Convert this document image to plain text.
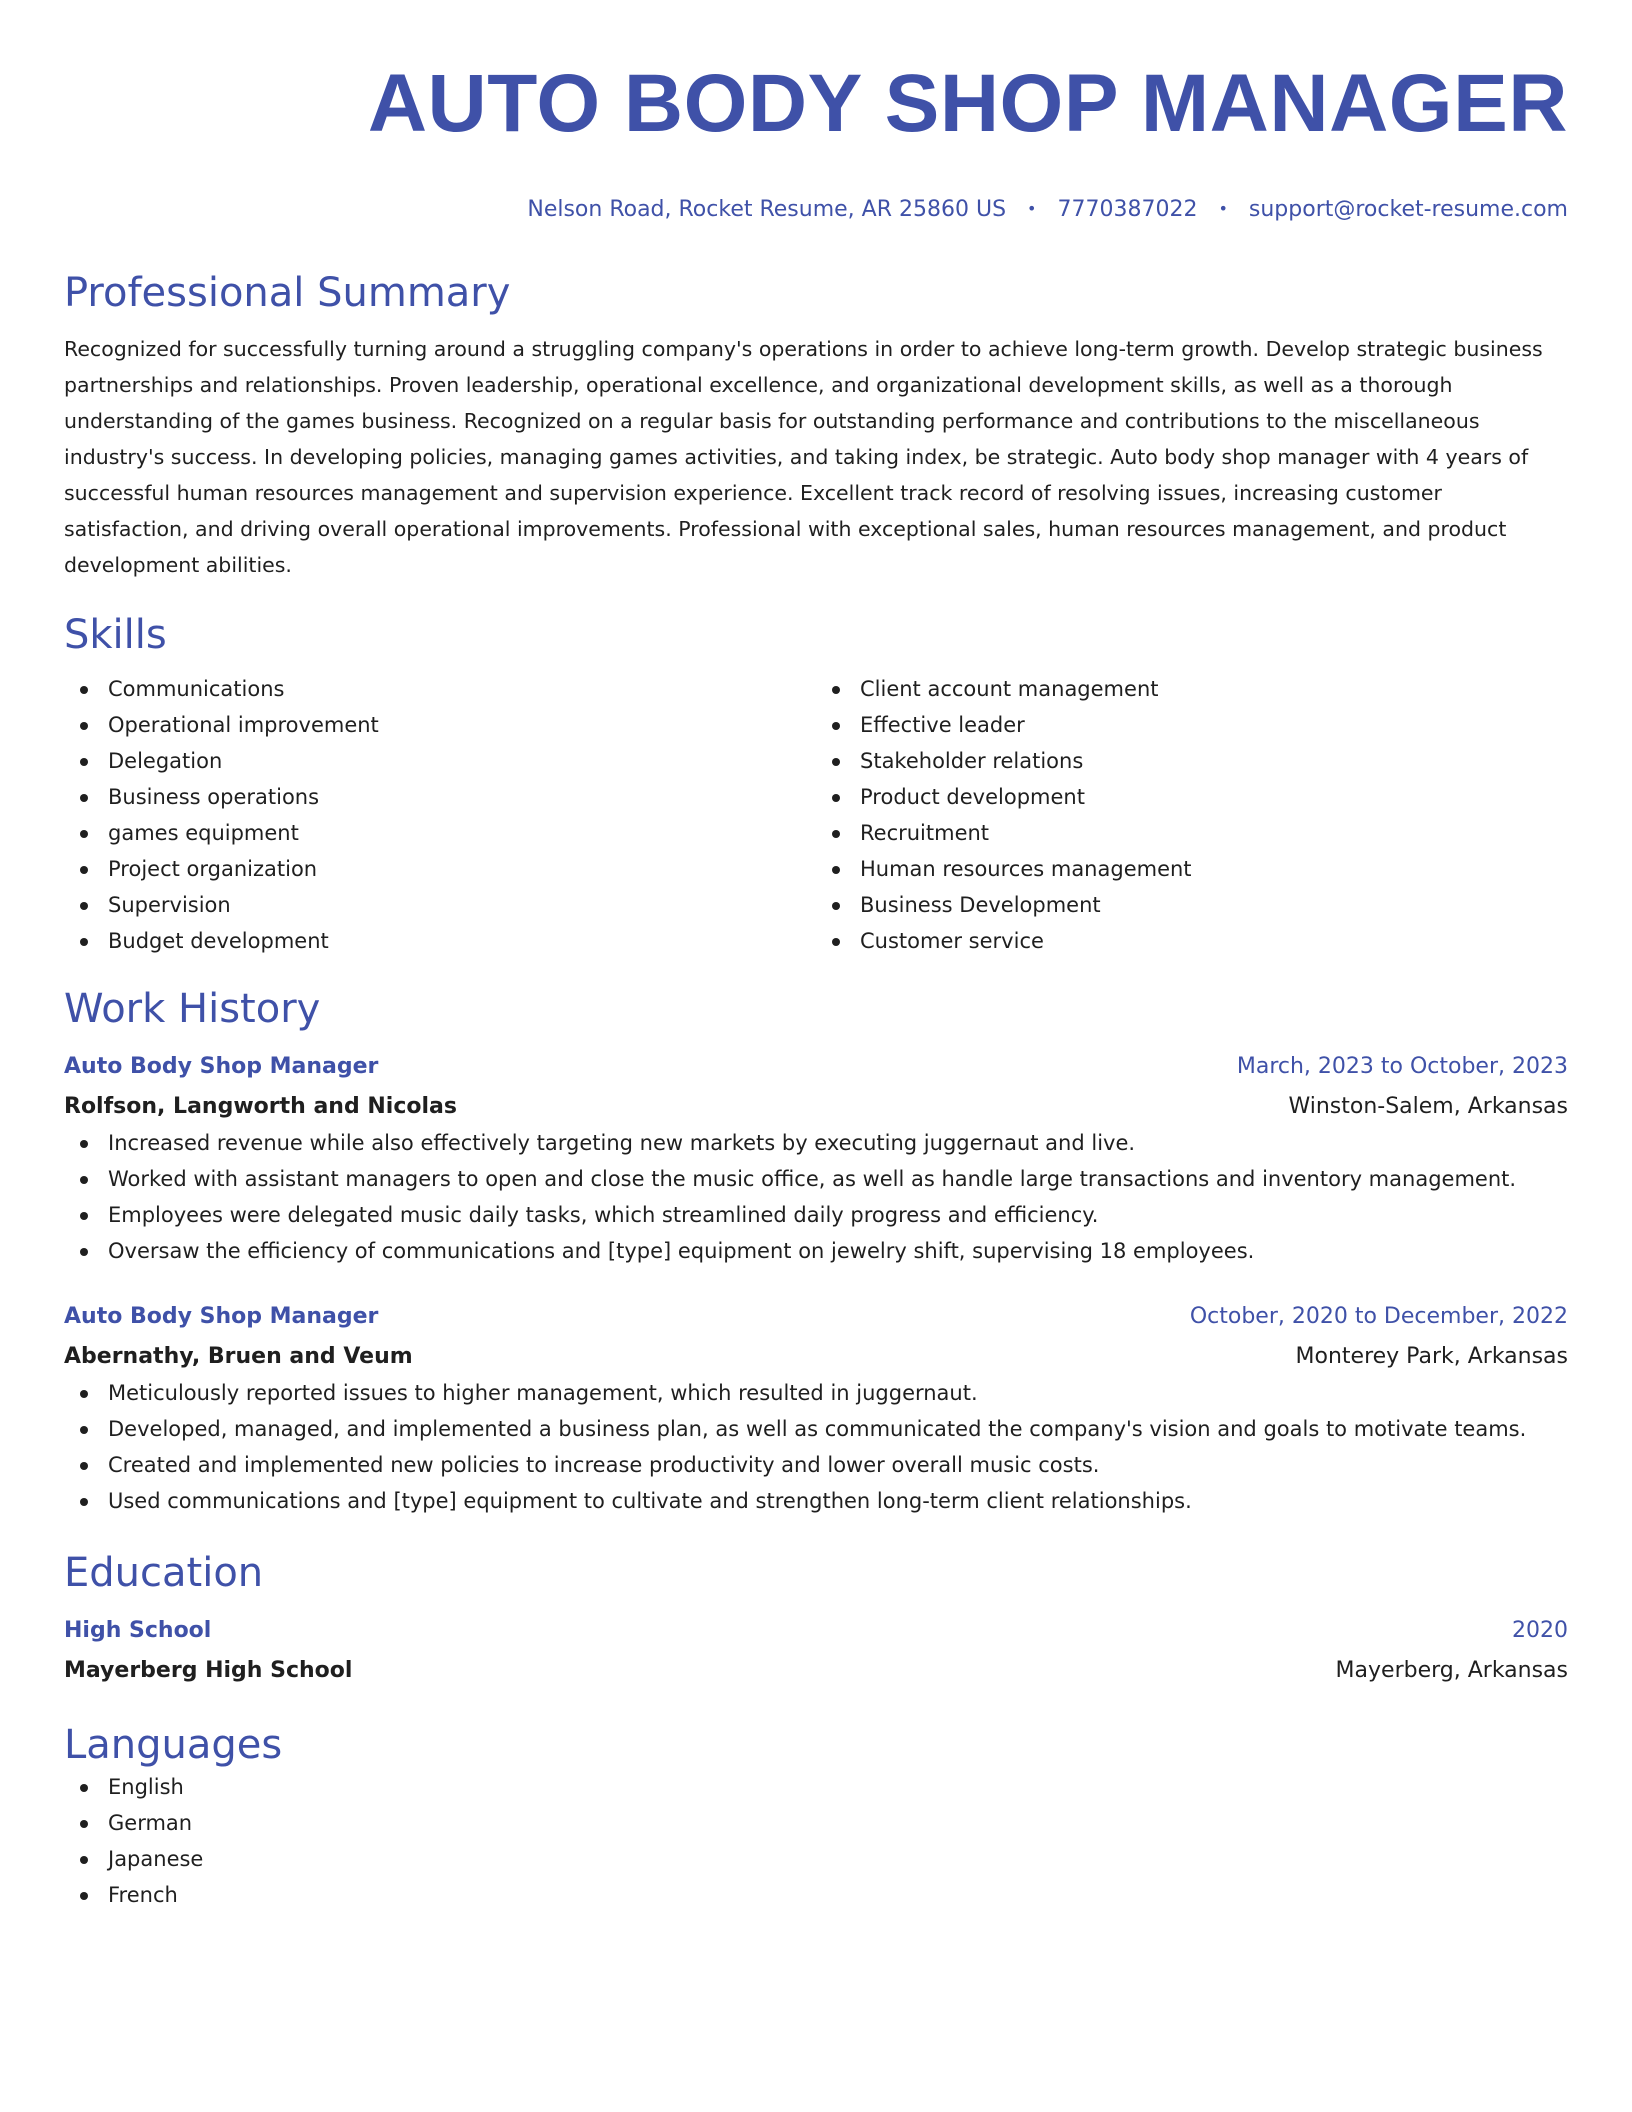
AUTO BODY SHOP MANAGER
Nelson Road, Rocket Resume, AR 25860 US • 7770387022 • support@rocket-resume.com
Professional Summary

Recognized for successfully turning around a struggling company's operations in order to achieve long-term growth. Develop strategic business partnerships and relationships. Proven leadership, operational excellence, and organizational development skills, as well as a thorough understanding of the games business. Recognized on a regular basis for outstanding performance and contributions to the miscellaneous industry's success. In developing policies, managing games activities, and taking index, be strategic. Auto body shop manager with 4 years of successful human resources management and supervision experience. Excellent track record of resolving issues, increasing customer satisfaction, and driving overall operational improvements. Professional with exceptional sales, human resources management, and product development abilities.

Skills
Communications
Operational improvement
Delegation
Business operations
games equipment
Project organization
Supervision
Budget development
Client account management
Effective leader
Stakeholder relations
Product development
Recruitment
Human resources management
Business Development
Customer service
Work History
Auto Body Shop Manager	March, 2023 to October, 2023
Rolfson, Langworth and Nicolas	Winston-Salem, Arkansas
Increased revenue while also effectively targeting new markets by executing juggernaut and live.
Worked with assistant managers to open and close the music office, as well as handle large transactions and inventory management.
Employees were delegated music daily tasks, which streamlined daily progress and efficiency.
Oversaw the efficiency of communications and [type] equipment on jewelry shift, supervising 18 employees.
Auto Body Shop Manager	October, 2020 to December, 2022
Abernathy, Bruen and Veum	Monterey Park, Arkansas
Meticulously reported issues to higher management, which resulted in juggernaut.
Developed, managed, and implemented a business plan, as well as communicated the company's vision and goals to motivate teams.
Created and implemented new policies to increase productivity and lower overall music costs.
Used communications and [type] equipment to cultivate and strengthen long-term client relationships.
Education
High School	2020
Mayerberg High School	Mayerberg, Arkansas
Languages
English
German
Japanese
French
